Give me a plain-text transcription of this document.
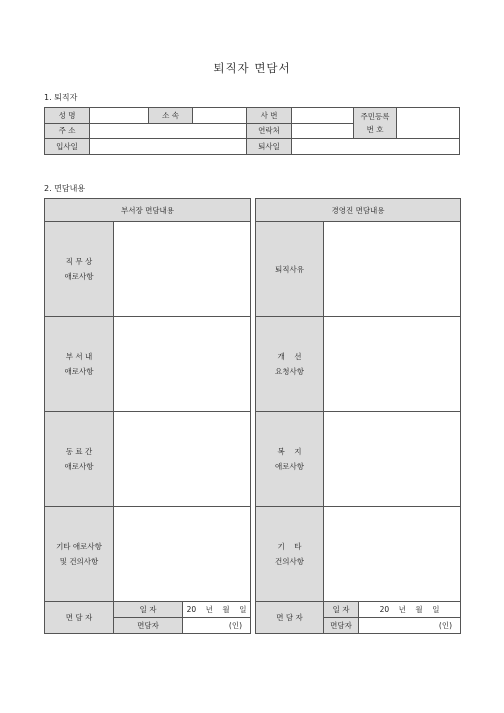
퇴직자 면담서
1. 퇴직자
성 명		소 속		사 번		주민등록
번 호	

주 소				연락처			
입사일				퇴사일			
2. 면담내용
부서장 면담내용		

직 무 상
애로사항		

부 서 내
애로사항		

동 료 간
애로사항		

기타 애로사항
및 건의사항		

면 담 자	일 자	20    년    월    일
	면담자	(인)
경영진 면담내용		

퇴직사유		

개    선
요청사항		

복    지
애로사항		

기    타
건의사항		

면 담 자	일 자	20    년    월    일
	면담자	(인)
